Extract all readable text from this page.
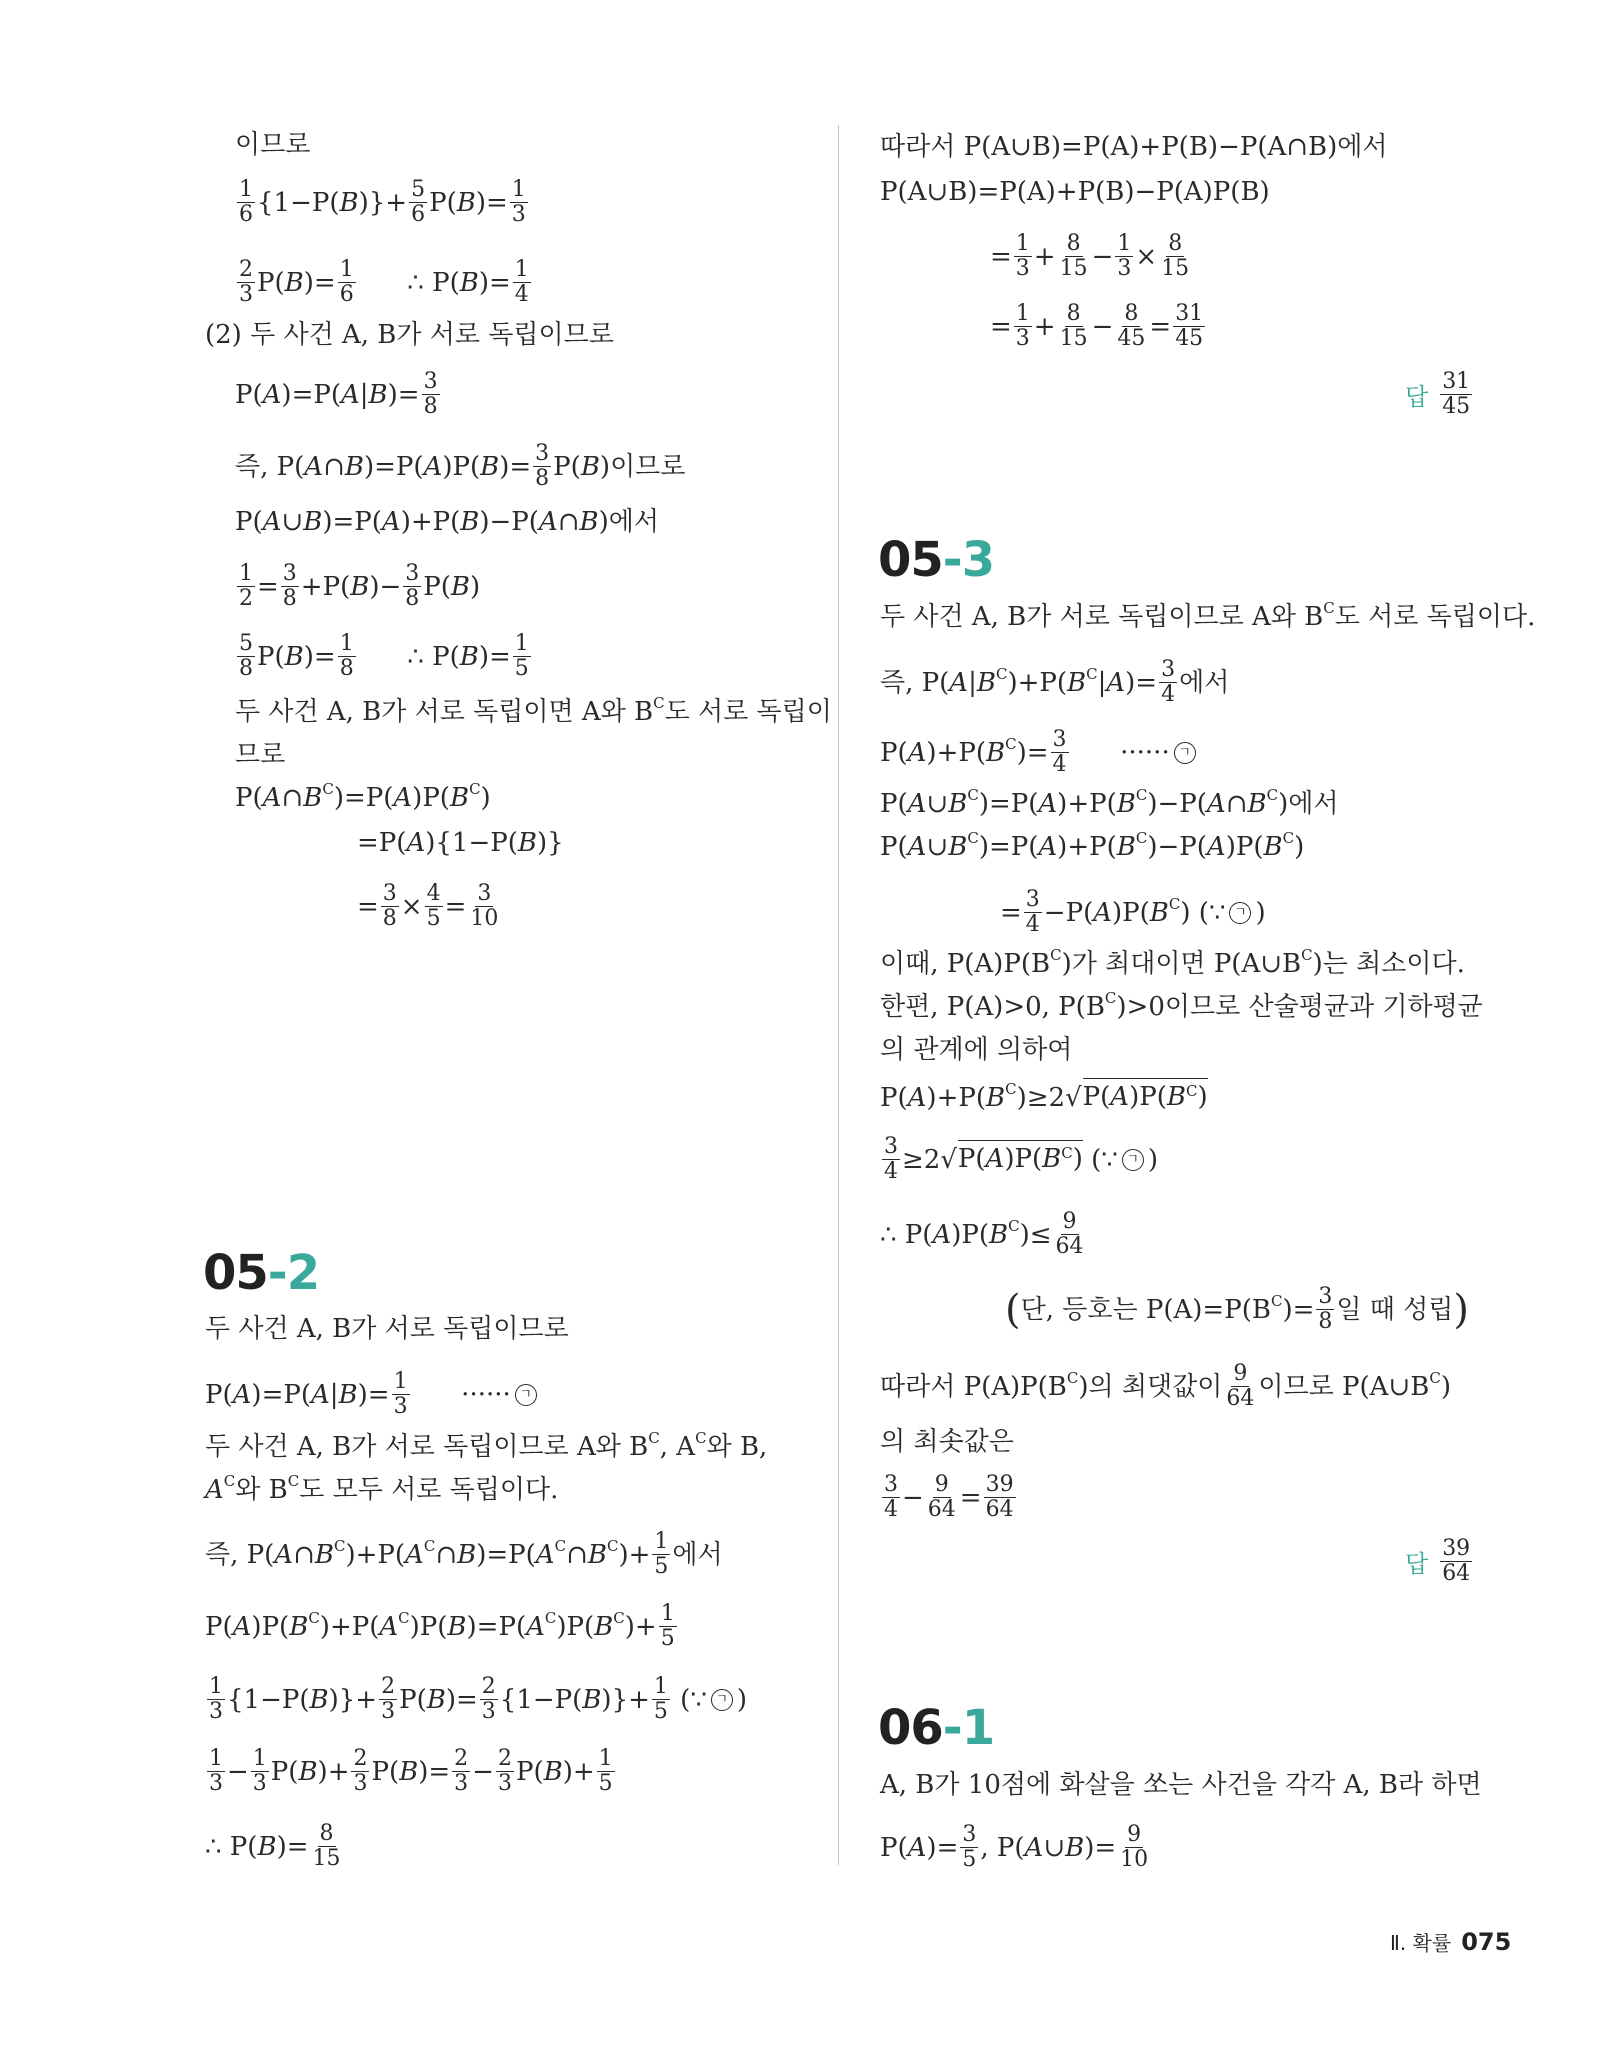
이므로
$\frac{1}{6} \{1-P$( B )}+ $\frac{5}{6} P$( B )= $\frac{1}{3}$
$\frac{2}{3} P$( B )= $\frac{1}{6}$ ∴ P( B )= $\frac{1}{4}$
(2) 두 사건 A, B가 서로 독립이므로
P( A )=P( A | B )= $\frac{3}{8}$
즉, P( A ∩ B )=P( A )P( B )= $\frac{3}{8} P$( B )이므로
P( A ∪ B )=P( A )+P( B )−P( A ∩ B )에서
$\frac{1}{2} = \frac{3}{8} +P$( B )− $\frac{3}{8} P$( B )
$\frac{5}{8} P$( B )= $\frac{1}{8}$ ∴ P( B )= $\frac{1}{5}$
두 사건 A, B가 서로 독립이면 A와 B C 도 서로 독립이
므로
P( A ∩ B C )=P( A )P( B C )
=P( A ){1−P( B )}
= $\frac{3}{8} \times \frac{4}{5} = \frac{3}{10}$
05-2
두 사건 A, B가 서로 독립이므로
P( A )=P( A | B )= $\frac{1}{3}$ ······ ㄱ
두 사건 A, B가 서로 독립이므로 A와 B C , A C 와 B,
A C 와 B C 도 모두 서로 독립이다.
즉, P( A ∩ B C )+P( A C ∩ B )=P( A C ∩ B C )+ $\frac{1}{5}$ 에서
P( A )P( B C )+P( A C )P( B )=P( A C )P( B C )+ $\frac{1}{5}$
$\frac{1}{3} \{1-P$( B )}+ $\frac{2}{3} P$( B )= $\frac{2}{3} \{1-P$( B )}+ $\frac{1}{5}$ (∵ ㄱ )
$\frac{1}{3} - \frac{1}{3} P$( B )+ $\frac{2}{3} P$( B )= $\frac{2}{3} - \frac{2}{3} P$( B )+ $\frac{1}{5}$
∴ P( B )= $\frac{8}{15}$
따라서 P(A∪B)=P(A)+P(B)−P(A∩B)에서
P(A∪B)=P(A)+P(B)−P(A)P(B)
= $\frac{1}{3} + \frac{8}{15} - \frac{1}{3} \times \frac{8}{15}$
= $\frac{1}{3} + \frac{8}{15} - \frac{8}{45} = \frac{31}{45}$
답 $\frac{31}{45}$
05-3
두 사건 A, B가 서로 독립이므로 A와 B C 도 서로 독립이다.
즉, P( A | B C )+P( B C | A )= $\frac{3}{4}$ 에서
P( A )+P( B C )= $\frac{3}{4}$ ······ ㄱ
P( A ∪ B C )=P( A )+P( B C )−P( A ∩ B C )에서
P( A ∪ B C )=P( A )+P( B C )−P( A )P( B C )
= $\frac{3}{4} -P$( A )P( B C ) (∵ ㄱ )
이때, P(A)P(B C )가 최대이면 P(A∪B C )는 최소이다.
한편, P(A)>0, P(B C )>0이므로 산술평균과 기하평균
의 관계에 의하여
P( A )+P( B C )≥2√ $P(A)P(B^C)$
$\frac{3}{4} \ge 2√$ $P(A)P(B^C)$ (∵ ㄱ )
∴ P( A )P( B C )≤ $\frac{9}{64}$
( 단, 등호는 P(A)=P(B C )= $\frac{3}{8}$ 일 때 성립 )
따라서 P(A)P(B C )의 최댓값이 $\frac{9}{64}$ 이므로 P(A∪B C )
의 최솟값은
$\frac{3}{4} - \frac{9}{64} = \frac{39}{64}$
답 $\frac{39}{64}$
06-1
A, B가 10점에 화살을 쏘는 사건을 각각 A, B라 하면
P( A )= $\frac{3}{5}$ , P( A ∪ B )= $\frac{9}{10}$
Ⅱ. 확률 075
